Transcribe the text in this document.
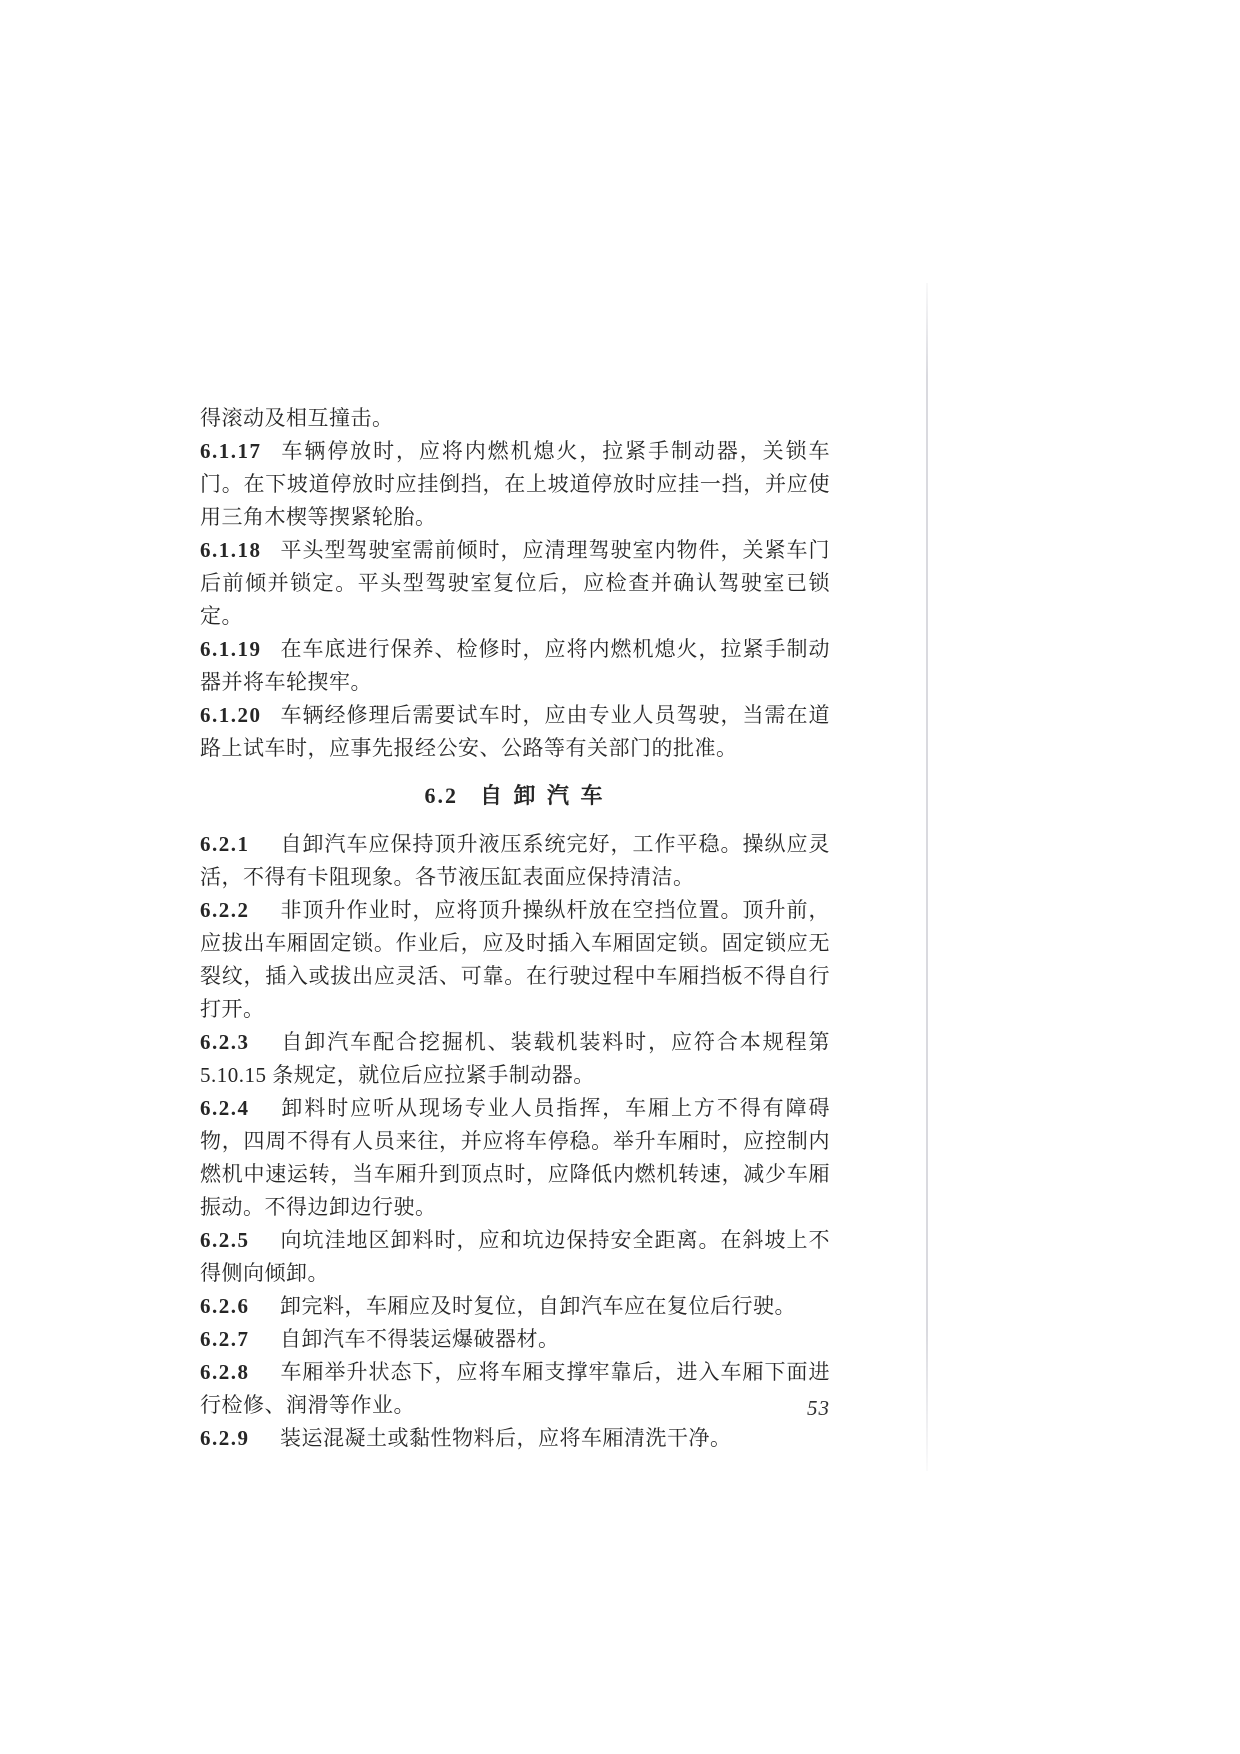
得滚动及相互撞击。

6.1.17 车辆停放时，应将内燃机熄火，拉紧手制动器，关锁车门。在下坡道停放时应挂倒挡，在上坡道停放时应挂一挡，并应使用三角木楔等揳紧轮胎。

6.1.18 平头型驾驶室需前倾时，应清理驾驶室内物件，关紧车门后前倾并锁定。平头型驾驶室复位后，应检查并确认驾驶室已锁定。

6.1.19 在车底进行保养、检修时，应将内燃机熄火，拉紧手制动器并将车轮揳牢。

6.1.20 车辆经修理后需要试车时，应由专业人员驾驶，当需在道路上试车时，应事先报经公安、公路等有关部门的批准。

6.2 自 卸 汽 车

6.2.1 自卸汽车应保持顶升液压系统完好，工作平稳。操纵应灵活，不得有卡阻现象。各节液压缸表面应保持清洁。

6.2.2 非顶升作业时，应将顶升操纵杆放在空挡位置。顶升前，应拔出车厢固定锁。作业后，应及时插入车厢固定锁。固定锁应无裂纹，插入或拔出应灵活、可靠。在行驶过程中车厢挡板不得自行打开。

6.2.3 自卸汽车配合挖掘机、装载机装料时，应符合本规程第 5.10.15 条规定，就位后应拉紧手制动器。

6.2.4 卸料时应听从现场专业人员指挥，车厢上方不得有障碍物，四周不得有人员来往，并应将车停稳。举升车厢时，应控制内燃机中速运转，当车厢升到顶点时，应降低内燃机转速，减少车厢振动。不得边卸边行驶。

6.2.5 向坑洼地区卸料时，应和坑边保持安全距离。在斜坡上不得侧向倾卸。

6.2.6 卸完料，车厢应及时复位，自卸汽车应在复位后行驶。

6.2.7 自卸汽车不得装运爆破器材。

6.2.8 车厢举升状态下，应将车厢支撑牢靠后，进入车厢下面进行检修、润滑等作业。

6.2.9 装运混凝土或黏性物料后，应将车厢清洗干净。

53
